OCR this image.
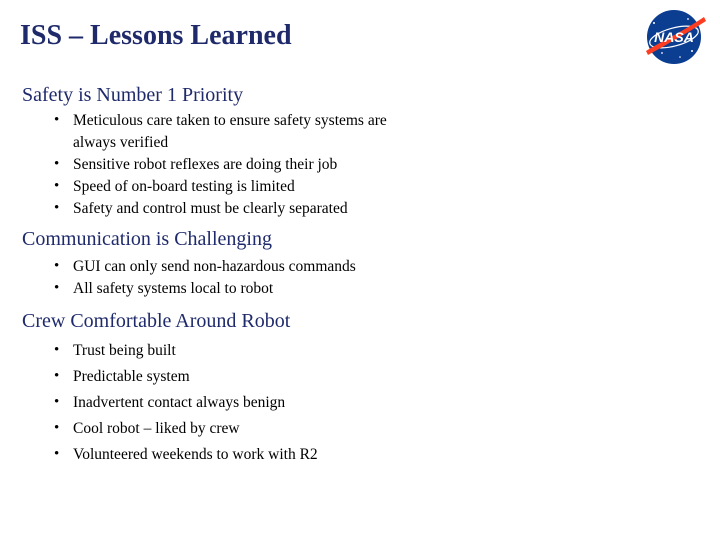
ISS – Lessons Learned	NASA
Safety is Number 1 Priority
• Meticulous care taken to ensure safety systems are always verified
• Sensitive robot reflexes are doing their job
• Speed of on-board testing is limited
• Safety and control must be clearly separated
Communication is Challenging
• GUI can only send non-hazardous commands
• All safety systems local to robot
Crew Comfortable Around Robot
• Trust being built
• Predictable system
• Inadvertent contact always benign
• Cool robot – liked by crew
• Volunteered weekends to work with R2
